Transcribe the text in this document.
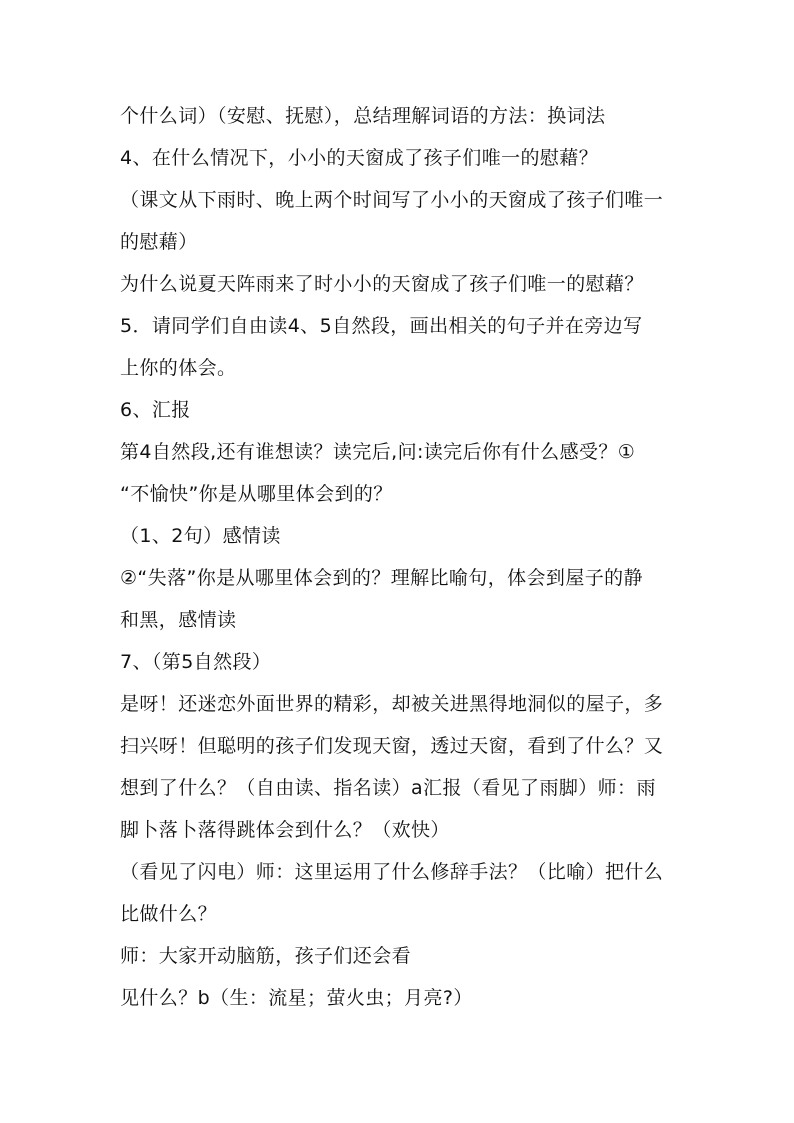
个什么词）（安慰、抚慰），总结理解词语的方法：换词法
4、在什么情况下，小小的天窗成了孩子们唯一的慰藉？
（课文从下雨时、晚上两个时间写了小小的天窗成了孩子们唯一
的慰藉）
为什么说夏天阵雨来了时小小的天窗成了孩子们唯一的慰藉？
5．请同学们自由读4、5自然段，画出相关的句子并在旁边写
上你的体会。
6、汇报
第4自然段,还有谁想读？读完后,问:读完后你有什么感受？①
“不愉快”你是从哪里体会到的？
（1、2句）感情读
②“失落”你是从哪里体会到的？理解比喻句，体会到屋子的静
和黑，感情读
7、（第5自然段）
是呀！还迷恋外面世界的精彩，却被关进黑得地洞似的屋子，多
扫兴呀！但聪明的孩子们发现天窗，透过天窗，看到了什么？又
想到了什么？（自由读、指名读）a汇报（看见了雨脚）师：雨
脚卜落卜落得跳体会到什么？（欢快）
（看见了闪电）师：这里运用了什么修辞手法？（比喻）把什么
比做什么？
师：大家开动脑筋，孩子们还会看
见什么？b（生：流星；萤火虫；月亮?）
